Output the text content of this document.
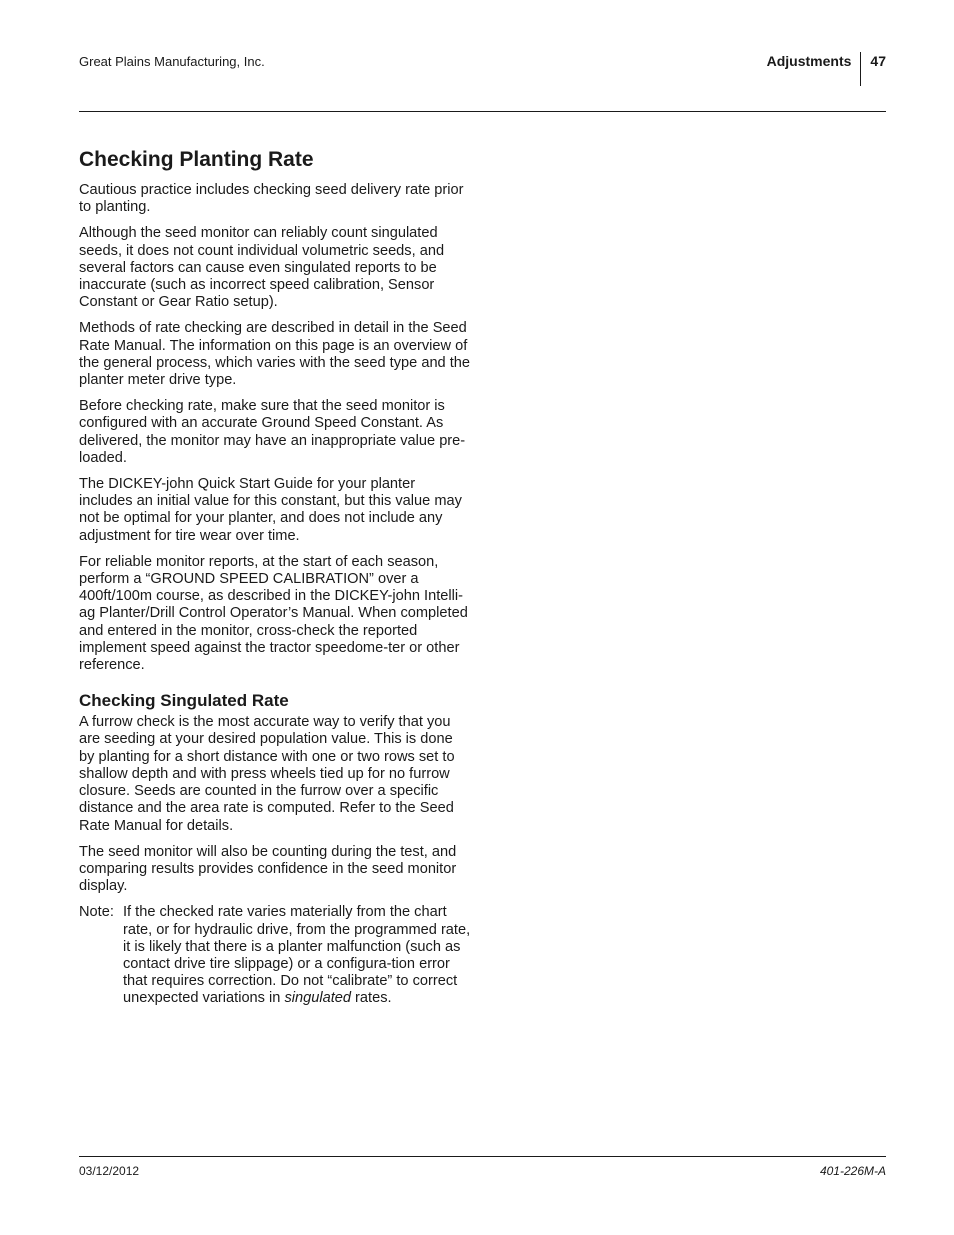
Great Plains Manufacturing, Inc.	Adjustments	47
Checking Planting Rate

Cautious practice includes checking seed delivery rate prior to planting.

Although the seed monitor can reliably count singulated seeds, it does not count individual volumetric seeds, and several factors can cause even singulated reports to be inaccurate (such as incorrect speed calibration, Sensor Constant or Gear Ratio setup).

Methods of rate checking are described in detail in the Seed Rate Manual. The information on this page is an overview of the general process, which varies with the seed type and the planter meter drive type.

Before checking rate, make sure that the seed monitor is configured with an accurate Ground Speed Constant. As delivered, the monitor may have an inappropriate value pre-loaded.

The DICKEY-john Quick Start Guide for your planter includes an initial value for this constant, but this value may not be optimal for your planter, and does not include any adjustment for tire wear over time.

For reliable monitor reports, at the start of each season, perform a “GROUND SPEED CALIBRATION” over a 400ft/100m course, as described in the DICKEY-john Intelli-ag Planter/Drill Control Operator’s Manual. When completed and entered in the monitor, cross-check the reported implement speed against the tractor speedome-ter or other reference.

Checking Singulated Rate

A furrow check is the most accurate way to verify that you are seeding at your desired population value. This is done by planting for a short distance with one or two rows set to shallow depth and with press wheels tied up for no furrow closure. Seeds are counted in the furrow over a specific distance and the area rate is computed. Refer to the Seed Rate Manual for details.

The seed monitor will also be counting during the test, and comparing results provides confidence in the seed monitor display.

Note: If the checked rate varies materially from the chart rate, or for hydraulic drive, from the programmed rate, it is likely that there is a planter malfunction (such as contact drive tire slippage) or a configura-tion error that requires correction. Do not “calibrate” to correct unexpected variations in singulated rates.
03/12/2012	401-226M-A
